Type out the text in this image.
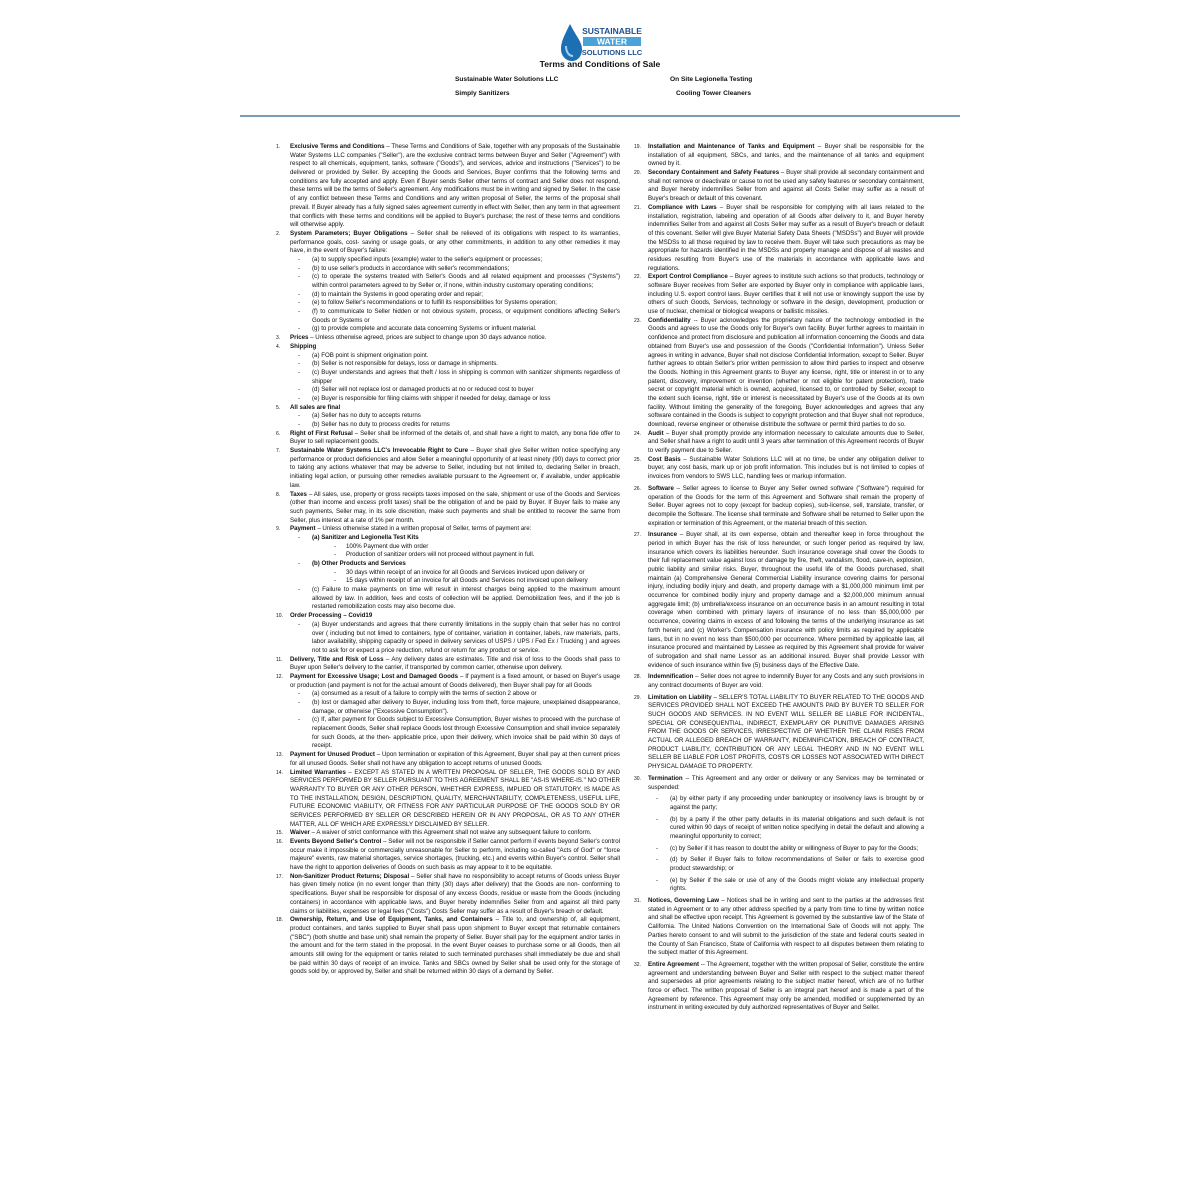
SUSTAINABLE
WATER
SOLUTIONS LLC
Terms and Conditions of Sale
Sustainable Water Solutions LLC
Simply Sanitizers
On Site Legionella Testing
Cooling Tower Cleaners
1. Exclusive Terms and Conditions – These Terms and Conditions of Sale, together with any proposals of the Sustainable Water Systems LLC companies ("Seller"), are the exclusive contract terms between Buyer and Seller ("Agreement") with respect to all chemicals, equipment, tanks, software ("Goods"), and services, advice and instructions ("Services") to be delivered or provided by Seller. By accepting the Goods and Services, Buyer confirms that the following terms and conditions are fully accepted and apply. Even if Buyer sends Seller other terms of contract and Seller does not respond, these terms will be the terms of Seller's agreement. Any modifications must be in writing and signed by Seller. In the case of any conflict between these Terms and Conditions and any written proposal of Seller, the terms of the proposal shall prevail. If Buyer already has a fully signed sales agreement currently in effect with Seller, then any term in that agreement that conflicts with these terms and conditions will be applied to Buyer's purchase; the rest of these terms and conditions will otherwise apply.
2. System Parameters; Buyer Obligations – Seller shall be relieved of its obligations with respect to its warranties, performance goals, cost- saving or usage goals, or any other commitments, in addition to any other remedies it may have, in the event of Buyer's failure:
- (a) to supply specified inputs (example) water to the seller's equipment or processes;
- (b) to use seller's products in accordance with seller's recommendations;
- (c) to operate the systems treated with Seller's Goods and all related equipment and processes ("Systems") within control parameters agreed to by Seller or, if none, within industry customary operating conditions;
- (d) to maintain the Systems in good operating order and repair;
- (e) to follow Seller's recommendations or to fulfill its responsibilities for Systems operation;
- (f) to communicate to Seller hidden or not obvious system, process, or equipment conditions affecting Seller's Goods or Systems or
- (g) to provide complete and accurate data concerning Systems or influent material.
3. Prices – Unless otherwise agreed, prices are subject to change upon 30 days advance notice.
4. Shipping
- (a) FOB point is shipment origination point.
- (b) Seller is not responsible for delays, loss or damage in shipments.
- (c) Buyer understands and agrees that theft / loss in shipping is common with sanitizer shipments regardless of shipper
- (d) Seller will not replace lost or damaged products at no or reduced cost to buyer
- (e) Buyer is responsible for filing claims with shipper if needed for delay, damage or loss
5. All sales are final
- (a) Seller has no duty to accepts returns
- (b) Seller has no duty to process credits for returns
6. Right of First Refusal – Seller shall be informed of the details of, and shall have a right to match, any bona fide offer to Buyer to sell replacement goods.
7. Sustainable Water Systems LLC's Irrevocable Right to Cure – Buyer shall give Seller written notice specifying any performance or product deficiencies and allow Seller a meaningful opportunity of at least ninety (90) days to correct prior to taking any actions whatever that may be adverse to Seller, including but not limited to, declaring Seller in breach, initiating legal action, or pursuing other remedies available pursuant to the Agreement or, if available, under applicable law.
8. Taxes – All sales, use, property or gross receipts taxes imposed on the sale, shipment or use of the Goods and Services (other than income and excess profit taxes) shall be the obligation of and be paid by Buyer. If Buyer fails to make any such payments, Seller may, in its sole discretion, make such payments and shall be entitled to recover the same from Seller, plus interest at a rate of 1% per month.
9. Payment – Unless otherwise stated in a written proposal of Seller, terms of payment are:
- (a) Sanitizer and Legionella Test Kits
- 100% Payment due with order
- Production of sanitizer orders will not proceed without payment in full.
- (b) Other Products and Services
- 30 days within receipt of an invoice for all Goods and Services invoiced upon delivery or
- 15 days within receipt of an invoice for all Goods and Services not invoiced upon delivery
- (c) Failure to make payments on time will result in interest charges being applied to the maximum amount allowed by law. In addition, fees and costs of collection will be applied. Demobilization fees, and if the job is restarted remobilization costs may also become due.
10. Order Processing – Covid19
- (a) Buyer understands and agrees that there currently limitations in the supply chain that seller has no control over ( including but not limed to containers, type of container, variation in container, labels, raw materials, parts, labor availability, shipping capacity or speed in delivery services of USPS / UPS / Fed Ex / Trucking ) and agrees not to ask for or expect a price reduction, refund or return for any product or service.
11. Delivery, Title and Risk of Loss – Any delivery dates are estimates. Title and risk of loss to the Goods shall pass to Buyer upon Seller's delivery to the carrier, if transported by common carrier, otherwise upon delivery.
12. Payment for Excessive Usage; Lost and Damaged Goods – If payment is a fixed amount, or based on Buyer's usage or production (and payment is not for the actual amount of Goods delivered), then Buyer shall pay for all Goods
- (a) consumed as a result of a failure to comply with the terms of section 2 above or
- (b) lost or damaged after delivery to Buyer, including loss from theft, force majeure, unexplained disappearance, damage, or otherwise ("Excessive Consumption").
- (c) If, after payment for Goods subject to Excessive Consumption, Buyer wishes to proceed with the purchase of replacement Goods, Seller shall replace Goods lost through Excessive Consumption and shall invoice separately for such Goods, at the then- applicable price, upon their delivery, which invoice shall be paid within 30 days of receipt.
13. Payment for Unused Product – Upon termination or expiration of this Agreement, Buyer shall pay at then current prices for all unused Goods. Seller shall not have any obligation to accept returns of unused Goods.
14. Limited Warranties – EXCEPT AS STATED IN A WRITTEN PROPOSAL OF SELLER, THE GOODS SOLD BY AND SERVICES PERFORMED BY SELLER PURSUANT TO THIS AGREEMENT SHALL BE "AS-IS WHERE-IS." NO OTHER WARRANTY TO BUYER OR ANY OTHER PERSON, WHETHER EXPRESS, IMPLIED OR STATUTORY, IS MADE AS TO THE INSTALLATION, DESIGN, DESCRIPTION, QUALITY, MERCHANTABILITY, COMPLETENESS, USEFUL LIFE, FUTURE ECONOMIC VIABILITY, OR FITNESS FOR ANY PARTICULAR PURPOSE OF THE GOODS SOLD BY OR SERVICES PERFORMED BY SELLER OR DESCRIBED HEREIN OR IN ANY PROPOSAL, OR AS TO ANY OTHER MATTER, ALL OF WHICH ARE EXPRESSLY DISCLAIMED BY SELLER.
15. Waiver – A waiver of strict conformance with this Agreement shall not waive any subsequent failure to conform.
16. Events Beyond Seller's Control – Seller will not be responsible if Seller cannot perform if events beyond Seller's control occur make it impossible or commercially unreasonable for Seller to perform, including so-called "Acts of God" or "force majeure" events, raw material shortages, service shortages, (trucking, etc.) and events within Buyer's control. Seller shall have the right to apportion deliveries of Goods on such basis as may appear to it to be equitable.
17. Non-Sanitizer Product Returns; Disposal – Seller shall have no responsibility to accept returns of Goods unless Buyer has given timely notice (in no event longer than thirty (30) days after delivery) that the Goods are non- conforming to specifications. Buyer shall be responsible for disposal of any excess Goods, residue or waste from the Goods (including containers) in accordance with applicable laws, and Buyer hereby indemnifies Seller from and against all third party claims or liabilities, expenses or legal fees ("Costs") Costs Seller may suffer as a result of Buyer's breach or default.
18. Ownership, Return, and Use of Equipment, Tanks, and Containers – Title to, and ownership of, all equipment, product containers, and tanks supplied to Buyer shall pass upon shipment to Buyer except that returnable containers ("SBC") (both shuttle and base unit) shall remain the property of Seller. Buyer shall pay for the equipment and/or tanks in the amount and for the term stated in the proposal. In the event Buyer ceases to purchase some or all Goods, then all amounts still owing for the equipment or tanks related to such terminated purchases shall immediately be due and shall be paid within 30 days of receipt of an invoice. Tanks and SBCs owned by Seller shall be used only for the storage of goods sold by, or approved by, Seller and shall be returned within 30 days of a demand by Seller.
19. Installation and Maintenance of Tanks and Equipment – Buyer shall be responsible for the installation of all equipment, SBCs, and tanks, and the maintenance of all tanks and equipment owned by it.
20. Secondary Containment and Safety Features – Buyer shall provide all secondary containment and shall not remove or deactivate or cause to not be used any safety features or secondary containment, and Buyer hereby indemnifies Seller from and against all Costs Seller may suffer as a result of Buyer's breach or default of this covenant.
21. Compliance with Laws – Buyer shall be responsible for complying with all laws related to the installation, registration, labeling and operation of all Goods after delivery to it, and Buyer hereby indemnifies Seller from and against all Costs Seller may suffer as a result of Buyer's breach or default of this covenant. Seller will give Buyer Material Safety Data Sheets ("MSDSs") and Buyer will provide the MSDSs to all those required by law to receive them. Buyer will take such precautions as may be appropriate for hazards identified in the MSDSs and properly manage and dispose of all wastes and residues resulting from Buyer's use of the materials in accordance with applicable laws and regulations.
22. Export Control Compliance – Buyer agrees to institute such actions so that products, technology or software Buyer receives from Seller are exported by Buyer only in compliance with applicable laws, including U.S. export control laws. Buyer certifies that it will not use or knowingly support the use by others of such Goods, Services, technology or software in the design, development, production or use of nuclear, chemical or biological weapons or ballistic missiles.
23. Confidentiality -- Buyer acknowledges the proprietary nature of the technology embodied in the Goods and agrees to use the Goods only for Buyer's own facility. Buyer further agrees to maintain in confidence and protect from disclosure and publication all information concerning the Goods and data obtained from Buyer's use and possession of the Goods ("Confidential Information"). Unless Seller agrees in writing in advance, Buyer shall not disclose Confidential Information, except to Seller. Buyer further agrees to obtain Seller's prior written permission to allow third parties to inspect and observe the Goods. Nothing in this Agreement grants to Buyer any license, right, title or interest in or to any patent, discovery, improvement or invention (whether or not eligible for patent protection), trade secret or copyright material which is owned, acquired, licensed to, or controlled by Seller, except to the extent such license, right, title or interest is necessitated by Buyer's use of the Goods at its own facility. Without limiting the generality of the foregoing, Buyer acknowledges and agrees that any software contained in the Goods is subject to copyright protection and that Buyer shall not reproduce, download, reverse engineer or otherwise distribute the software or permit third parties to do so.
24. Audit – Buyer shall promptly provide any information necessary to calculate amounts due to Seller, and Seller shall have a right to audit until 3 years after termination of this Agreement records of Buyer to verify payment due to Seller.
25. Cost Basis – Sustainable Water Solutions LLC will at no time, be under any obligation deliver to buyer, any cost basis, mark up or job profit information. This includes but is not limited to copies of invoices from vendors to SWS LLC, handling fees or markup information.
26. Software – Seller agrees to license to Buyer any Seller owned software ("Software") required for operation of the Goods for the term of this Agreement and Software shall remain the property of Seller. Buyer agrees not to copy (except for backup copies), sub-license, sell, translate, transfer, or decompile the Software. The license shall terminate and Software shall be returned to Seller upon the expiration or termination of this Agreement, or the material breach of this section.
27. Insurance – Buyer shall, at its own expense, obtain and thereafter keep in force throughout the period in which Buyer has the risk of loss hereunder, or such longer period as required by law, insurance which covers its liabilities hereunder. Such insurance coverage shall cover the Goods to their full replacement value against loss or damage by fire, theft, vandalism, flood, cave-in, explosion, public liability and similar risks. Buyer, throughout the useful life of the Goods purchased, shall maintain (a) Comprehensive General Commercial Liability insurance covering claims for personal injury, including bodily injury and death, and property damage with a $1,000,000 minimum limit per occurrence for combined bodily injury and property damage and a $2,000,000 minimum annual aggregate limit; (b) umbrella/excess insurance on an occurrence basis in an amount resulting in total coverage when combined with primary layers of insurance of no less than $5,000,000 per occurrence, covering claims in excess of and following the terms of the underlying insurance as set forth herein; and (c) Worker's Compensation insurance with policy limits as required by applicable laws, but in no event no less than $500,000 per occurrence. Where permitted by applicable law, all insurance procured and maintained by Lessee as required by this Agreement shall provide for waiver of subrogation and shall name Lessor as an additional insured. Buyer shall provide Lessor with evidence of such insurance within five (5) business days of the Effective Date.
28. Indemnification – Seller does not agree to indemnify Buyer for any Costs and any such provisions in any contract documents of Buyer are void.
29. Limitation on Liability – SELLER'S TOTAL LIABILITY TO BUYER RELATED TO THE GOODS AND SERVICES PROVIDED SHALL NOT EXCEED THE AMOUNTS PAID BY BUYER TO SELLER FOR SUCH GOODS AND SERVICES. IN NO EVENT WILL SELLER BE LIABLE FOR INCIDENTAL, SPECIAL OR CONSEQUENTIAL, INDIRECT, EXEMPLARY OR PUNITIVE DAMAGES ARISING FROM THE GOODS OR SERVICES, IRRESPECTIVE OF WHETHER THE CLAIM RISES FROM ACTUAL OR ALLEGED BREACH OF WARRANTY, INDEMNIFICATION, BREACH OF CONTRACT, PRODUCT LIABILITY, CONTRIBUTION OR ANY LEGAL THEORY AND IN NO EVENT WILL SELLER BE LIABLE FOR LOST PROFITS, COSTS OR LOSSES NOT ASSOCIATED WITH DIRECT PHYSICAL DAMAGE TO PROPERTY.
30. Termination – This Agreement and any order or delivery or any Services may be terminated or suspended:
- (a) by either party if any proceeding under bankruptcy or insolvency laws is brought by or against the party;
- (b) by a party if the other party defaults in its material obligations and such default is not cured within 90 days of receipt of written notice specifying in detail the default and allowing a meaningful opportunity to correct;
- (c) by Seller if it has reason to doubt the ability or willingness of Buyer to pay for the Goods;
- (d) by Seller if Buyer fails to follow recommendations of Seller or fails to exercise good product stewardship; or
- (e) by Seller if the sale or use of any of the Goods might violate any intellectual property rights.
31. Notices, Governing Law – Notices shall be in writing and sent to the parties at the addresses first stated in Agreement or to any other address specified by a party from time to time by written notice and shall be effective upon receipt. This Agreement is governed by the substantive law of the State of California. The United Nations Convention on the International Sale of Goods will not apply. The Parties hereto consent to and will submit to the jurisdiction of the state and federal courts seated in the County of San Francisco, State of California with respect to all disputes between them relating to the subject matter of this Agreement.
32. Entire Agreement -- The Agreement, together with the written proposal of Seller, constitute the entire agreement and understanding between Buyer and Seller with respect to the subject matter thereof and supersedes all prior agreements relating to the subject matter hereof, which are of no further force or effect. The written proposal of Seller is an integral part hereof and is made a part of the Agreement by reference. This Agreement may only be amended, modified or supplemented by an instrument in writing executed by duly authorized representatives of Buyer and Seller.
